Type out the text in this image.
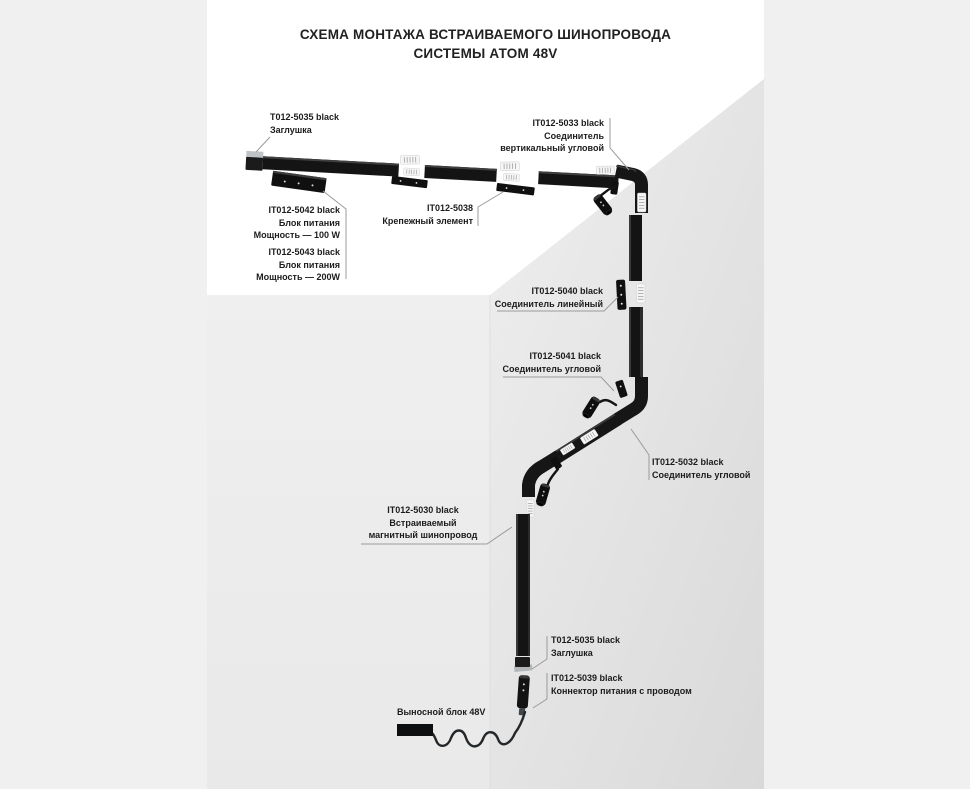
СХЕМА МОНТАЖА ВСТРАИВАЕМОГО ШИНОПРОВОДА
СИСТЕМЫ АТОМ 48V
T012-5035 black
Заглушка
IT012-5033 black
Соединитель
вертикальный угловой
IT012-5042 black
Блок питания
Мощность — 100 W
IT012-5043 black
Блок питания
Мощность — 200W
IT012-5038
Крепежный элемент
IT012-5040 black
Соединитель линейный
IT012-5041 black
Соединитель угловой
IT012-5032 black
Соединитель угловой
IT012-5030 black
Встраиваемый
магнитный шинопровод
T012-5035 black
Заглушка
IT012-5039 black
Коннектор питания с проводом
Выносной блок 48V
